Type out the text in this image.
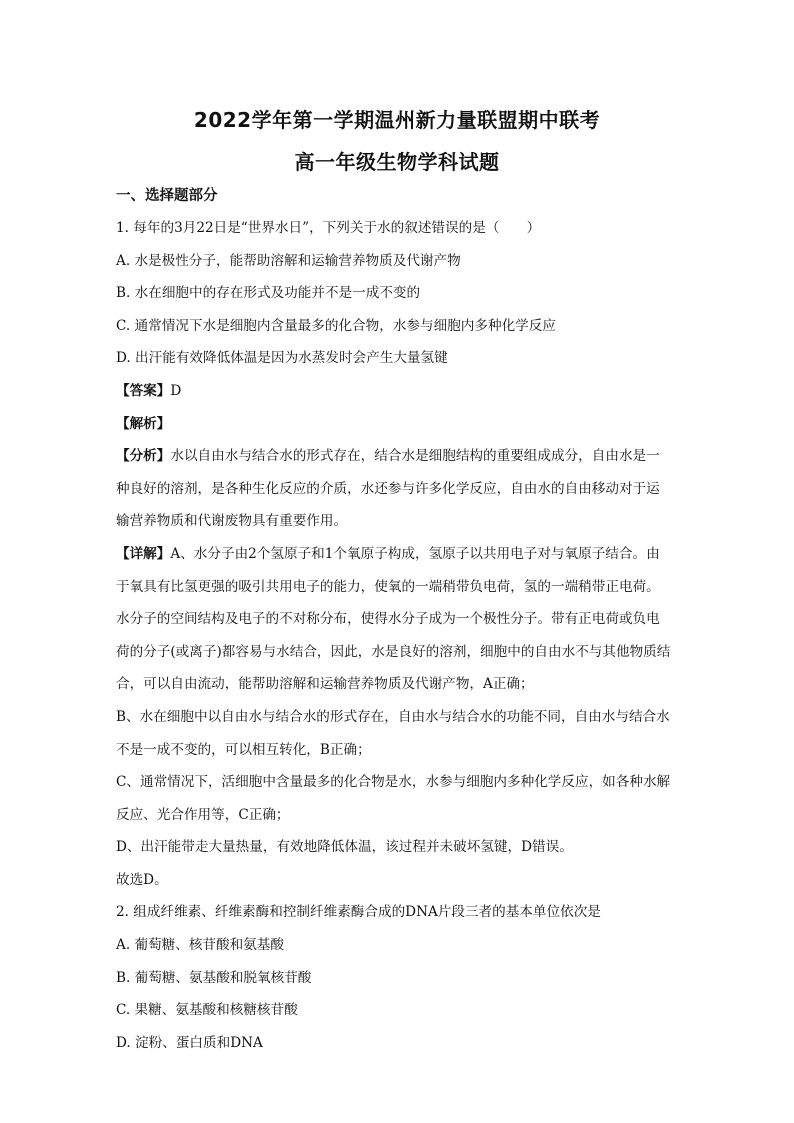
2022学年第一学期温州新力量联盟期中联考
高一年级生物学科试题
一、选择题部分
1. 每年的3月22日是“世界水日”，下列关于水的叙述错误的是（　　）
A. 水是极性分子，能帮助溶解和运输营养物质及代谢产物
B. 水在细胞中的存在形式及功能并不是一成不变的
C. 通常情况下水是细胞内含量最多的化合物，水参与细胞内多种化学反应
D. 出汗能有效降低体温是因为水蒸发时会产生大量氢键
【答案】D
【解析】
【分析】水以自由水与结合水的形式存在，结合水是细胞结构的重要组成成分，自由水是一
种良好的溶剂，是各种生化反应的介质，水还参与许多化学反应，自由水的自由移动对于运
输营养物质和代谢废物具有重要作用。
【详解】A、水分子由2个氢原子和1个氧原子构成，氢原子以共用电子对与氧原子结合。由
于氧具有比氢更强的吸引共用电子的能力，使氧的一端稍带负电荷，氢的一端稍带正电荷。
水分子的空间结构及电子的不对称分布，使得水分子成为一个极性分子。带有正电荷或负电
荷的分子(或离子)都容易与水结合，因此，水是良好的溶剂，细胞中的自由水不与其他物质结
合，可以自由流动，能帮助溶解和运输营养物质及代谢产物，A正确；
B、水在细胞中以自由水与结合水的形式存在，自由水与结合水的功能不同，自由水与结合水
不是一成不变的，可以相互转化，B正确；
C、通常情况下，活细胞中含量最多的化合物是水，水参与细胞内多种化学反应，如各种水解
反应、光合作用等，C正确；
D、出汗能带走大量热量，有效地降低体温，该过程并未破坏氢键，D错误。
故选D。
2. 组成纤维素、纤维素酶和控制纤维素酶合成的DNA片段三者的基本单位依次是
A. 葡萄糖、核苷酸和氨基酸
B. 葡萄糖、氨基酸和脱氧核苷酸
C. 果糖、氨基酸和核糖核苷酸
D. 淀粉、蛋白质和DNA
